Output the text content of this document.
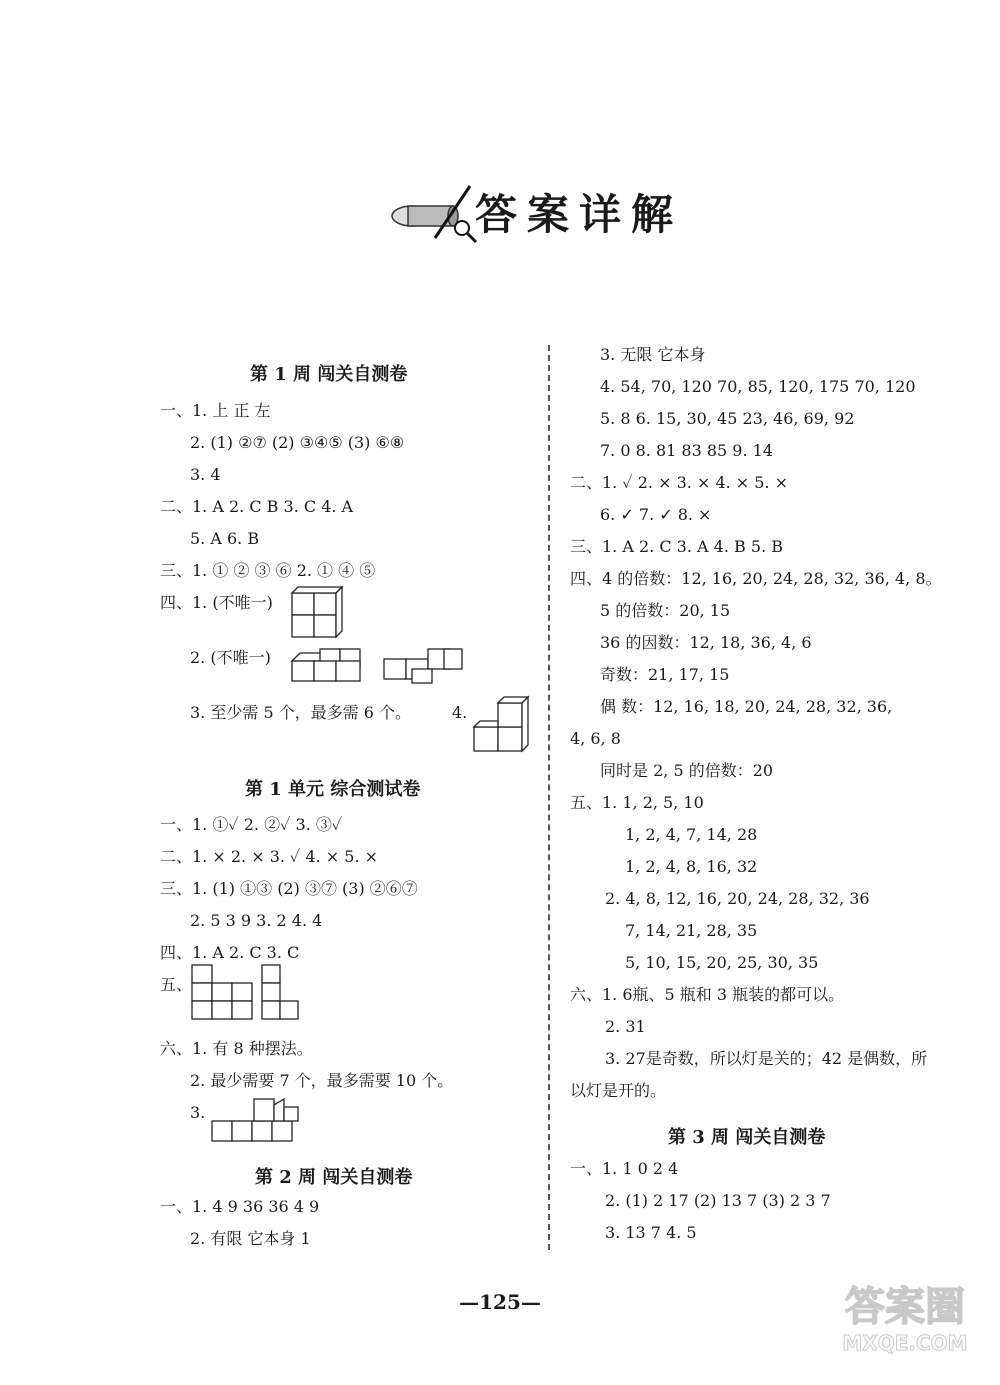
答案详解
第 1 周 闯关自测卷
一、1. 上 正 左
2. (1) ②⑦ (2) ③④⑤ (3) ⑥⑧
3. 4
二、1. A 2. C B 3. C 4. A
5. A 6. B
三、1. ① ② ③ ⑥ 2. ① ④ ⑤
四、1. (不唯一)
2. (不唯一)
3. 至少需 5 个，最多需 6 个。	4.
第 1 单元 综合测试卷
一、1. ①✓ 2. ②✓ 3. ③✓
二、1. × 2. × 3. ✓ 4. × 5. ×
三、1. (1) ①③ (2) ③⑦ (3) ②⑥⑦
2. 5 3 9 3. 2 4. 4
四、1. A 2. C 3. C
五、
六、1. 有 8 种摆法。
2. 最少需要 7 个，最多需要 10 个。
3.
第 2 周 闯关自测卷
一、1. 4 9 36 36 4 9
2. 有限 它本身 1
3. 无限 它本身
4. 54, 70, 120 70, 85, 120, 175 70, 120
5. 8 6. 15, 30, 45 23, 46, 69, 92
7. 0 8. 81 83 85 9. 14
二、1. ✓ 2. × 3. × 4. × 5. ×
6. ✓ 7. ✓ 8. ×
三、1. A 2. C 3. A 4. B 5. B
四、4 的倍数：12, 16, 20, 24, 28, 32, 36, 4, 8。
5 的倍数：20, 15
36 的因数：12, 18, 36, 4, 6
奇数：21, 17, 15
偶 数：12, 16, 18, 20, 24, 28, 32, 36,
4, 6, 8
同时是 2, 5 的倍数：20
五、1. 1, 2, 5, 10
1, 2, 4, 7, 14, 28
1, 2, 4, 8, 16, 32
2. 4, 8, 12, 16, 20, 24, 28, 32, 36
7, 14, 21, 28, 35
5, 10, 15, 20, 25, 30, 35
六、1. 6瓶、5 瓶和 3 瓶装的都可以。
2. 31
3. 27是奇数，所以灯是关的；42 是偶数，所
以灯是开的。
第 3 周 闯关自测卷
一、1. 1 0 2 4
2. (1) 2 17 (2) 13 7 (3) 2 3 7
3. 13 7 4. 5
—125—	答案圈
MXQE.COM
